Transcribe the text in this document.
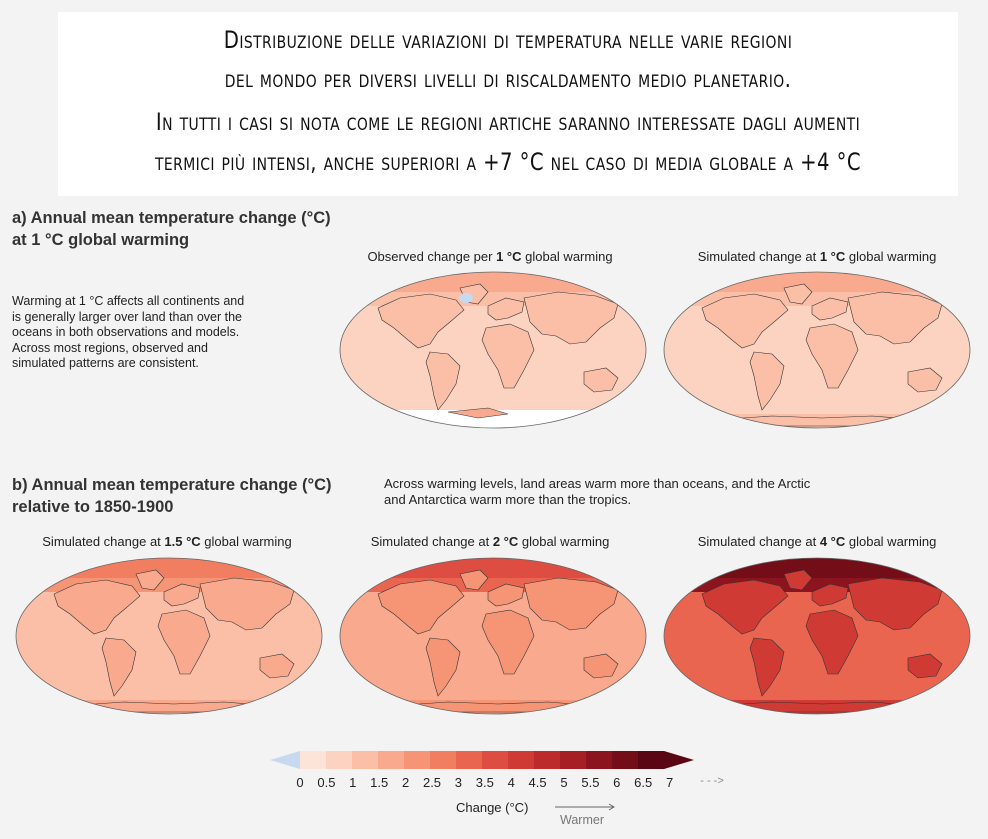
Distribuzione delle variazioni di temperatura nelle varie regioni
del mondo per diversi livelli di riscaldamento medio planetario.
In tutti i casi si nota come le regioni artiche saranno interessate dagli aumenti
termici più intensi, anche superiori a +7 °C nel caso di media globale a +4 °C
a) Annual mean temperature change (°C)
at 1 °C global warming
Warming at 1 °C affects all continents and
is generally larger over land than over the
oceans in both observations and models.
Across most regions, observed and
simulated patterns are consistent.
Observed change per 1 °C global warming	Simulated change at 1 °C global warming
b) Annual mean temperature change (°C)
relative to 1850-1900
Across warming levels, land areas warm more than oceans, and the Arctic
and Antarctica warm more than the tropics.
Simulated change at 1.5 °C global warming	Simulated change at 2 °C global warming	Simulated change at 4 °C global warming
0 0.5 1 1.5 2 2.5 3 3.5 4 4.5 5 5.5 6 6.5 7 - - ->
Change (°C)
Warmer
